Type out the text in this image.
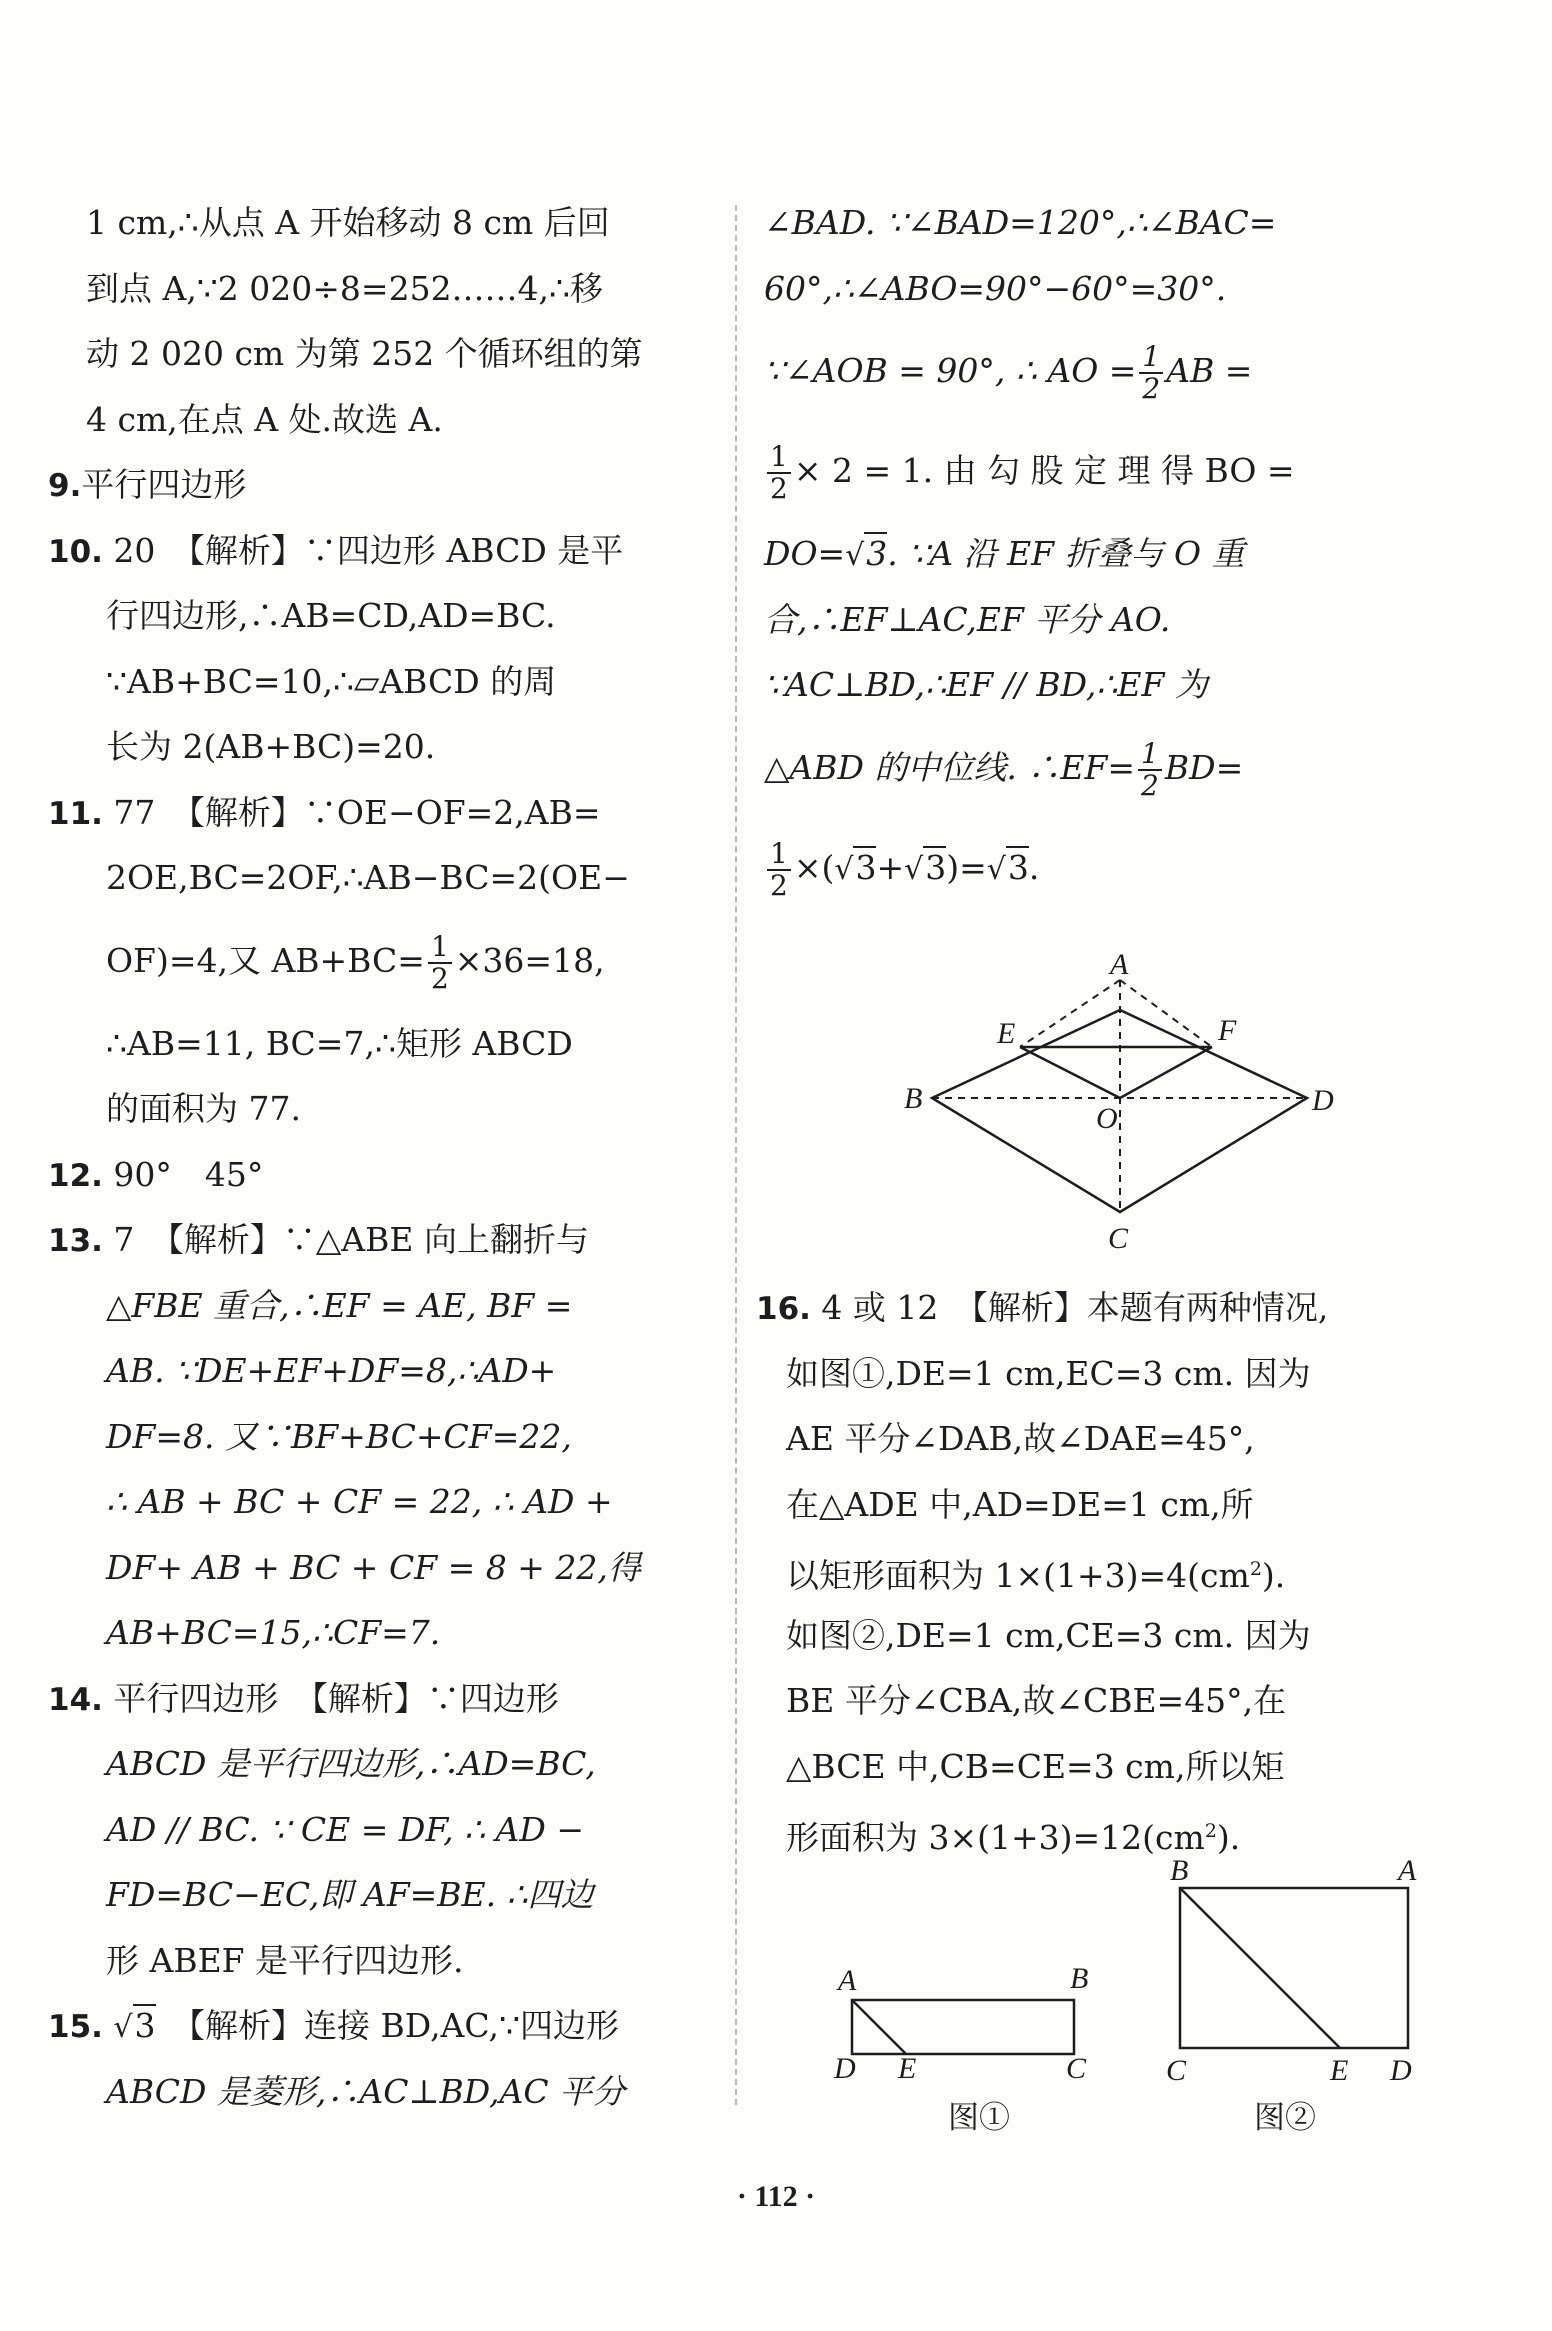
1 cm,∴从点 A 开始移动 8 cm 后回
到点 A,∵2 020÷8=252……4,∴移
动 2 020 cm 为第 252 个循环组的第
4 cm,在点 A 处.故选 A.
9.平行四边形
10. 20　【解析】∵四边形 ABCD 是平
行四边形,∴AB=CD,AD=BC.
∵AB+BC=10,∴▱ABCD 的周
长为 2(AB+BC)=20.
11. 77　【解析】∵OE−OF=2,AB=
2OE,BC=2OF,∴AB−BC=2(OE−
OF)=4,又 $AB+BC= \frac{1}{2} \times 36=18$,
∴AB=11, BC=7,∴矩形 ABCD
的面积为 77.
12. 90°　45°
13. 7　【解析】∵△ABE 向上翻折与
△FBE 重合,∴EF = AE, BF =
AB. ∵DE+EF+DF=8,∴AD+
DF=8. 又∵BF+BC+CF=22,
∴ AB + BC + CF = 22, ∴ AD +
DF+ AB + BC + CF = 8 + 22,得
AB+BC=15,∴CF=7.
14. 平行四边形　【解析】∵四边形
ABCD 是平行四边形,∴AD=BC,
AD // BC. ∵ CE = DF, ∴ AD −
FD=BC−EC,即 AF=BE. ∴四边
形 ABEF 是平行四边形.
15. √3　 【解析】连接 BD,AC,∵四边形
ABCD 是菱形,∴AC⊥BD,AC 平分
∠BAD. ∵∠BAD=120°,∴∠BAC=
60°,∴∠ABO=90°−60°=30°.
∵∠AOB = 90°, ∴ AO = $\frac{1}{2}$ AB =
$\frac{1}{2} \times 2 = 1$. 由 勾 股 定 理 得 BO =
DO=√3. ∵A 沿 EF 折叠与 O 重
合,∴EF⊥AC,EF 平分 AO.
∵AC⊥BD,∴EF // BD,∴EF 为
△ABD 的中位线. ∴EF= $\frac{1}{2} BD=$
$\frac{1}{2} \times(√3+√3)=√3$.
A
E	F
B
O
D
C
16. 4 或 12　【解析】本题有两种情况,
如图①,DE=1 cm,EC=3 cm. 因为
AE 平分∠DAB,故∠DAE=45°,
在△ADE 中,AD=DE=1 cm,所
以矩形面积为 $1\times(1+3)=4(cm^2)$.
如图②,DE=1 cm,CE=3 cm. 因为
BE 平分∠CBA,故∠CBE=45°,在
△BCE 中,CB=CE=3 cm,所以矩
形面积为 $3\times(1+3)=12(cm^2)$.
A	B
D E	C
图①
B	A
C	E D
图②
· 112 ·
